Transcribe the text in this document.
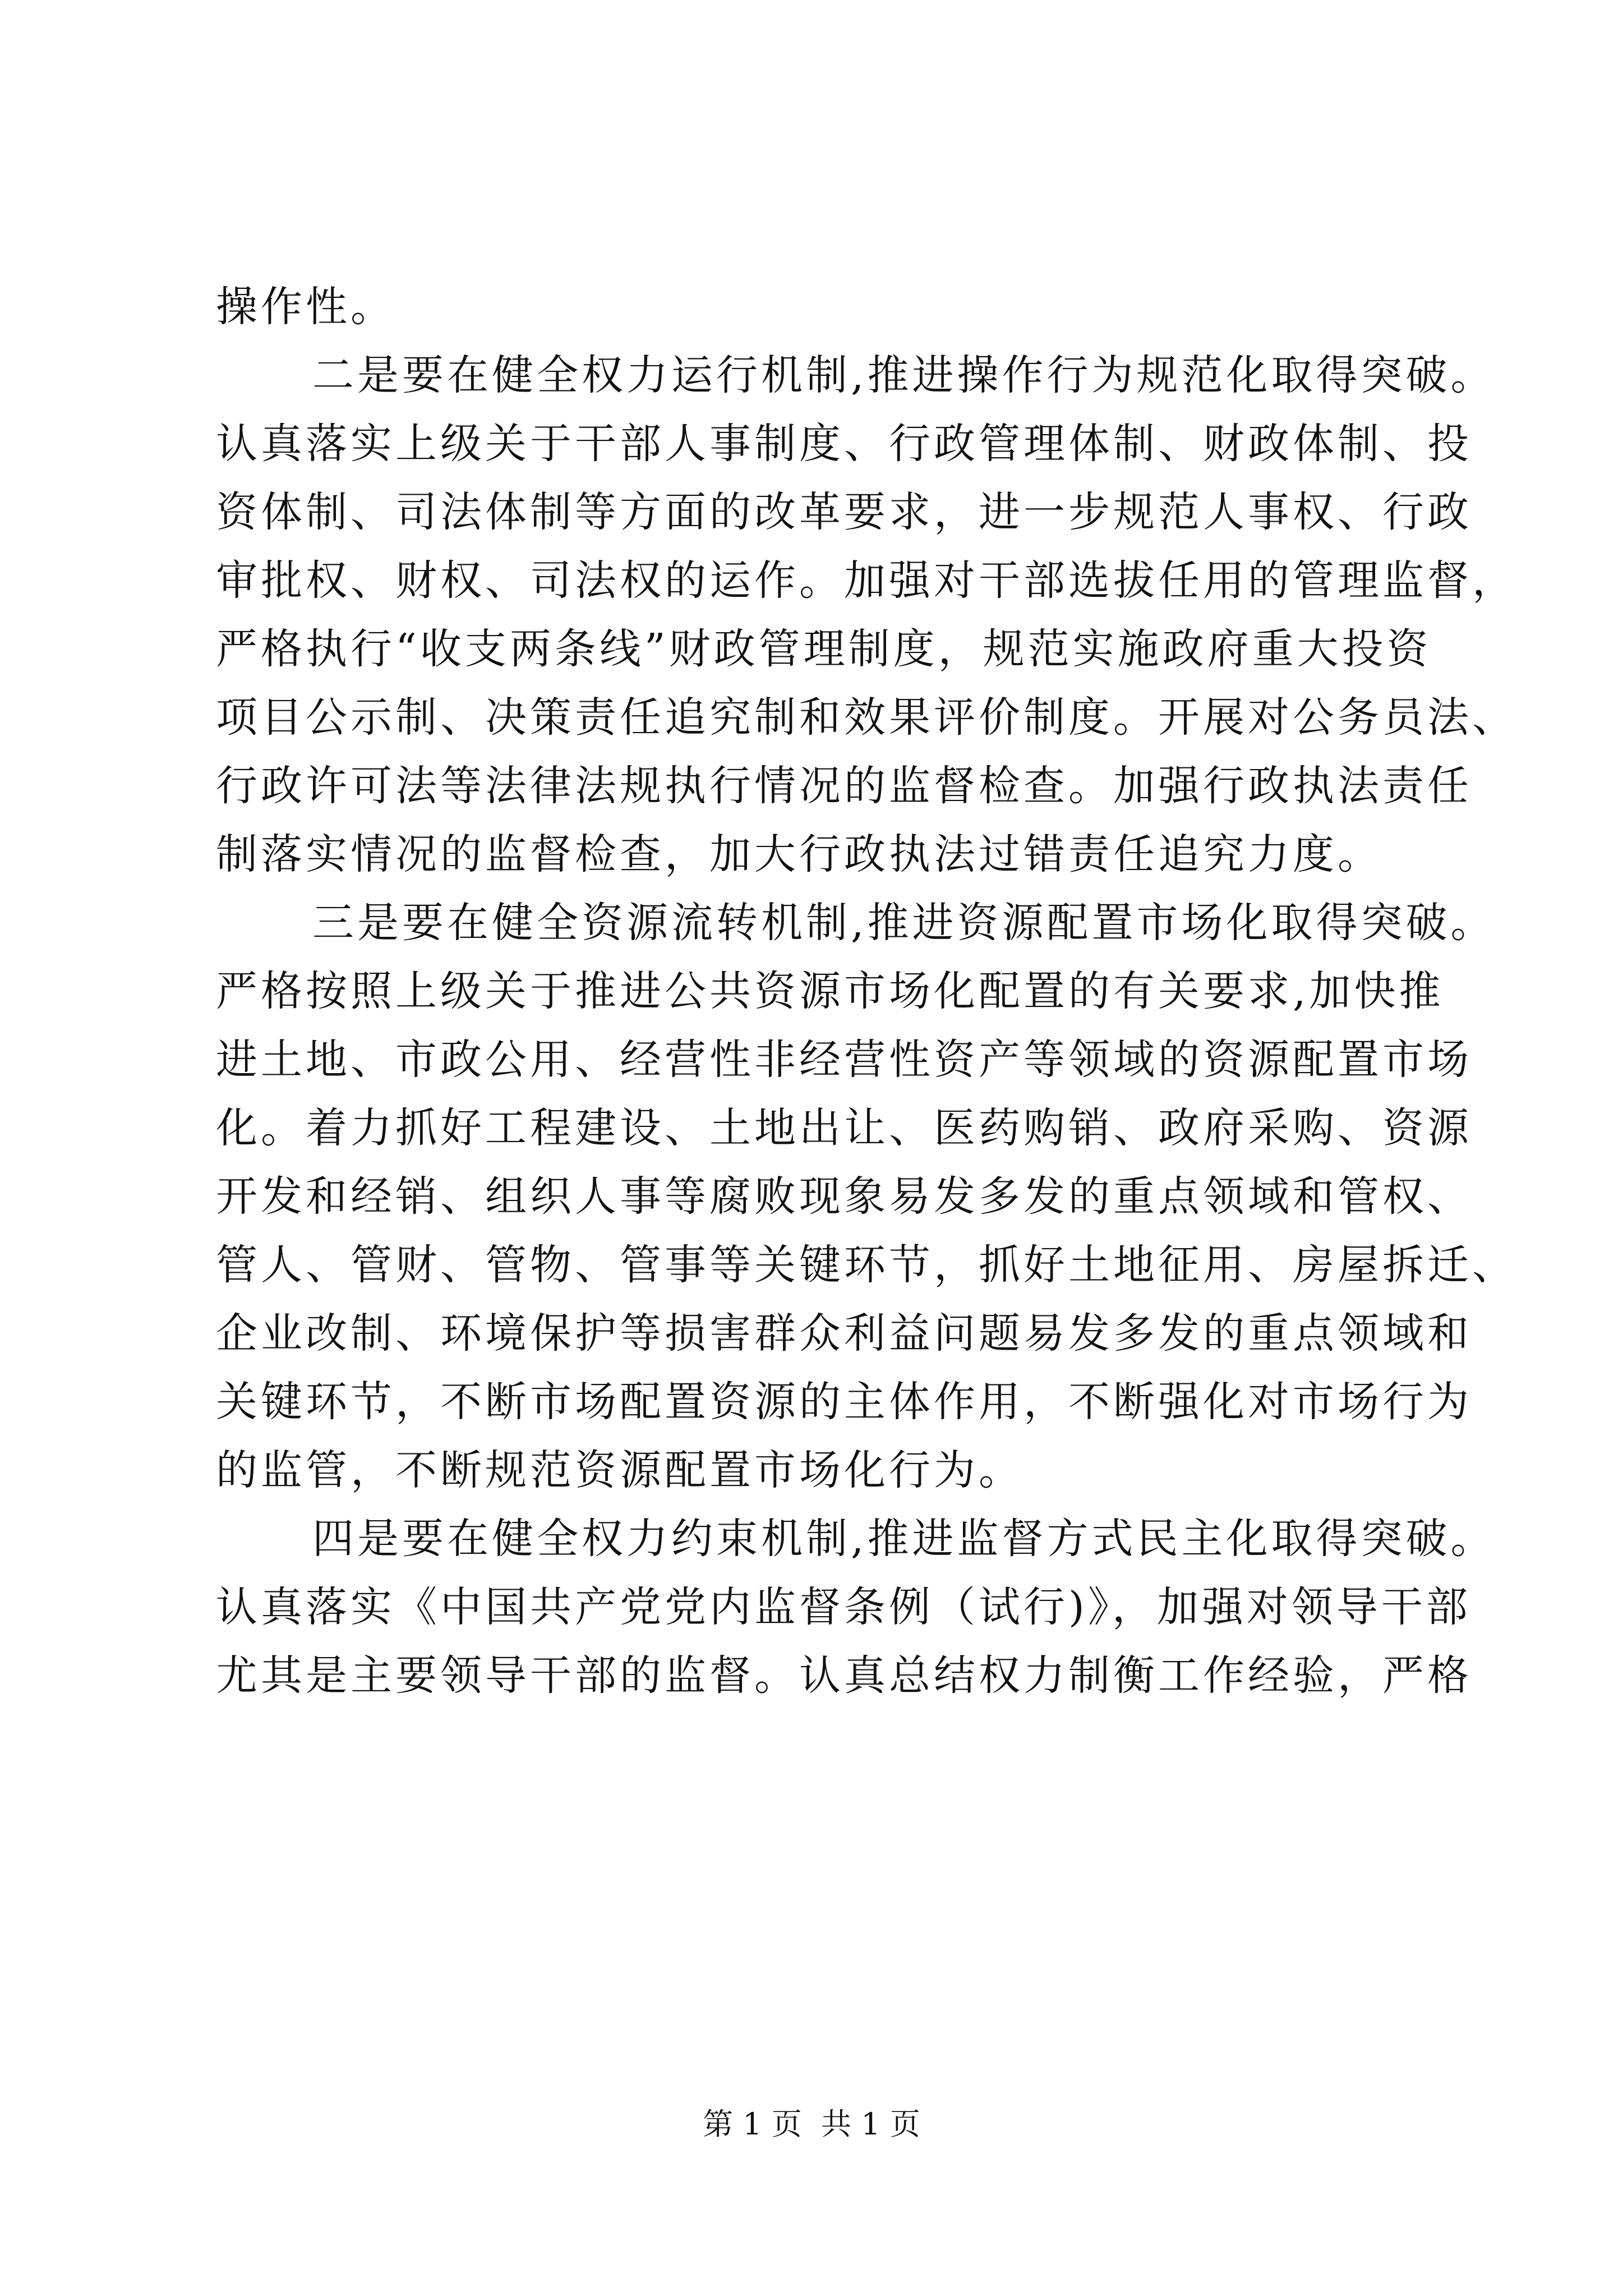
操作性。
二是要在健全权力运行机制,推进操作行为规范化取得突破。
认真落实上级关于干部人事制度、行政管理体制、财政体制、投
资体制、司法体制等方面的改革要求，进一步规范人事权、行政
审批权、财权、司法权的运作。加强对干部选拔任用的管理监督，
严格执行“收支两条线”财政管理制度，规范实施政府重大投资
项目公示制、决策责任追究制和效果评价制度。开展对公务员法、
行政许可法等法律法规执行情况的监督检查。加强行政执法责任
制落实情况的监督检查，加大行政执法过错责任追究力度。
三是要在健全资源流转机制,推进资源配置市场化取得突破。
严格按照上级关于推进公共资源市场化配置的有关要求,加快推
进土地、市政公用、经营性非经营性资产等领域的资源配置市场
化。着力抓好工程建设、土地出让、医药购销、政府采购、资源
开发和经销、组织人事等腐败现象易发多发的重点领域和管权、
管人、管财、管物、管事等关键环节，抓好土地征用、房屋拆迁、
企业改制、环境保护等损害群众利益问题易发多发的重点领域和
关键环节，不断市场配置资源的主体作用，不断强化对市场行为
的监管，不断规范资源配置市场化行为。
四是要在健全权力约束机制,推进监督方式民主化取得突破。
认真落实《中国共产党党内监督条例（试行)》，加强对领导干部
尤其是主要领导干部的监督。认真总结权力制衡工作经验，严格
第 1 页  共 1 页
